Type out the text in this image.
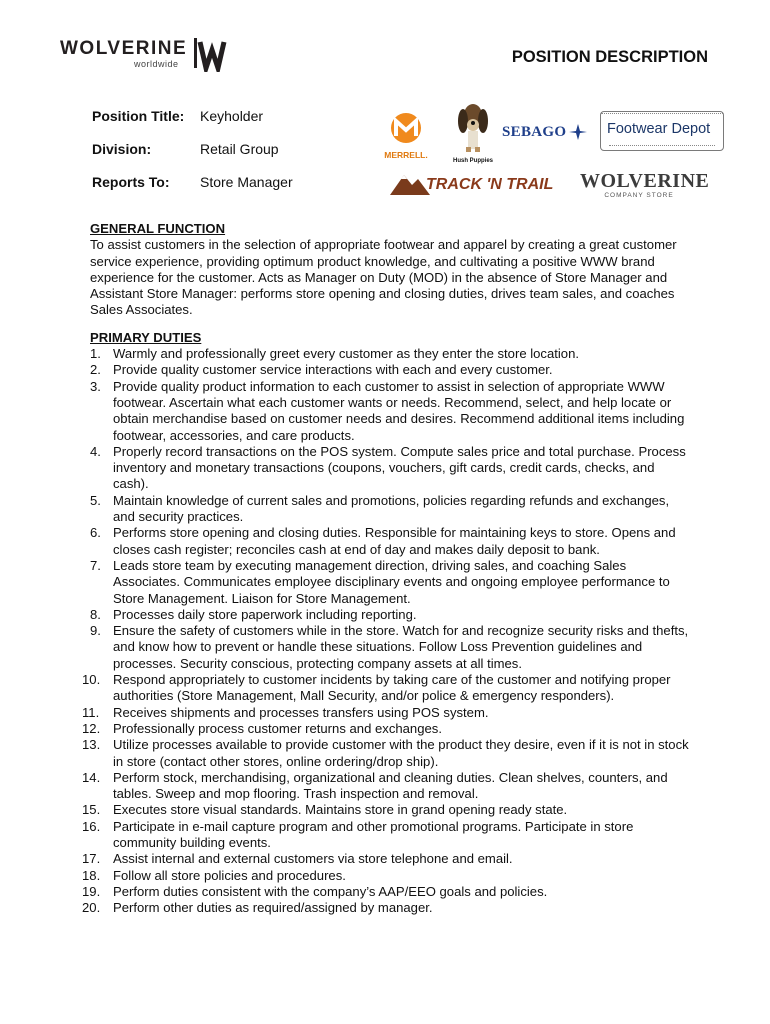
WOLVERINE
worldwide	POSITION DESCRIPTION
Position Title: Keyholder
Division:	Retail Group
Reports To: Store Manager
MERRELL.
Hush Puppies
SEBAGO	Footwear Depot
TRACK 'N TRAIL WOLVERINE
COMPANY STORE

GENERAL FUNCTION

To assist customers in the selection of appropriate footwear and apparel by creating a great customer service experience, providing optimum product knowledge, and cultivating a positive WWW brand experience for the customer. Acts as Manager on Duty (MOD) in the absence of Store Manager and Assistant Store Manager: performs store opening and closing duties, drives team sales, and coaches Sales Associates.

PRIMARY DUTIES

1. Warmly and professionally greet every customer as they enter the store location.
2. Provide quality customer service interactions with each and every customer.
3. Provide quality product information to each customer to assist in selection of appropriate WWW footwear. Ascertain what each customer wants or needs. Recommend, select, and help locate or obtain merchandise based on customer needs and desires. Recommend additional items including footwear, accessories, and care products.
4. Properly record transactions on the POS system. Compute sales price and total purchase. Process inventory and monetary transactions (coupons, vouchers, gift cards, credit cards, checks, and cash).
5. Maintain knowledge of current sales and promotions, policies regarding refunds and exchanges, and security practices.
6. Performs store opening and closing duties. Responsible for maintaining keys to store. Opens and closes cash register; reconciles cash at end of day and makes daily deposit to bank.
7. Leads store team by executing management direction, driving sales, and coaching Sales Associates. Communicates employee disciplinary events and ongoing employee performance to Store Management. Liaison for Store Management.
8. Processes daily store paperwork including reporting.
9. Ensure the safety of customers while in the store. Watch for and recognize security risks and thefts, and know how to prevent or handle these situations. Follow Loss Prevention guidelines and processes. Security conscious, protecting company assets at all times.
10. Respond appropriately to customer incidents by taking care of the customer and notifying proper authorities (Store Management, Mall Security, and/or police & emergency responders).
11. Receives shipments and processes transfers using POS system.
12. Professionally process customer returns and exchanges.
13. Utilize processes available to provide customer with the product they desire, even if it is not in stock in store (contact other stores, online ordering/drop ship).
14. Perform stock, merchandising, organizational and cleaning duties. Clean shelves, counters, and tables. Sweep and mop flooring. Trash inspection and removal.
15. Executes store visual standards. Maintains store in grand opening ready state.
16. Participate in e-mail capture program and other promotional programs. Participate in store community building events.
17. Assist internal and external customers via store telephone and email.
18. Follow all store policies and procedures.
19. Perform duties consistent with the company’s AAP/EEO goals and policies.
20. Perform other duties as required/assigned by manager.
